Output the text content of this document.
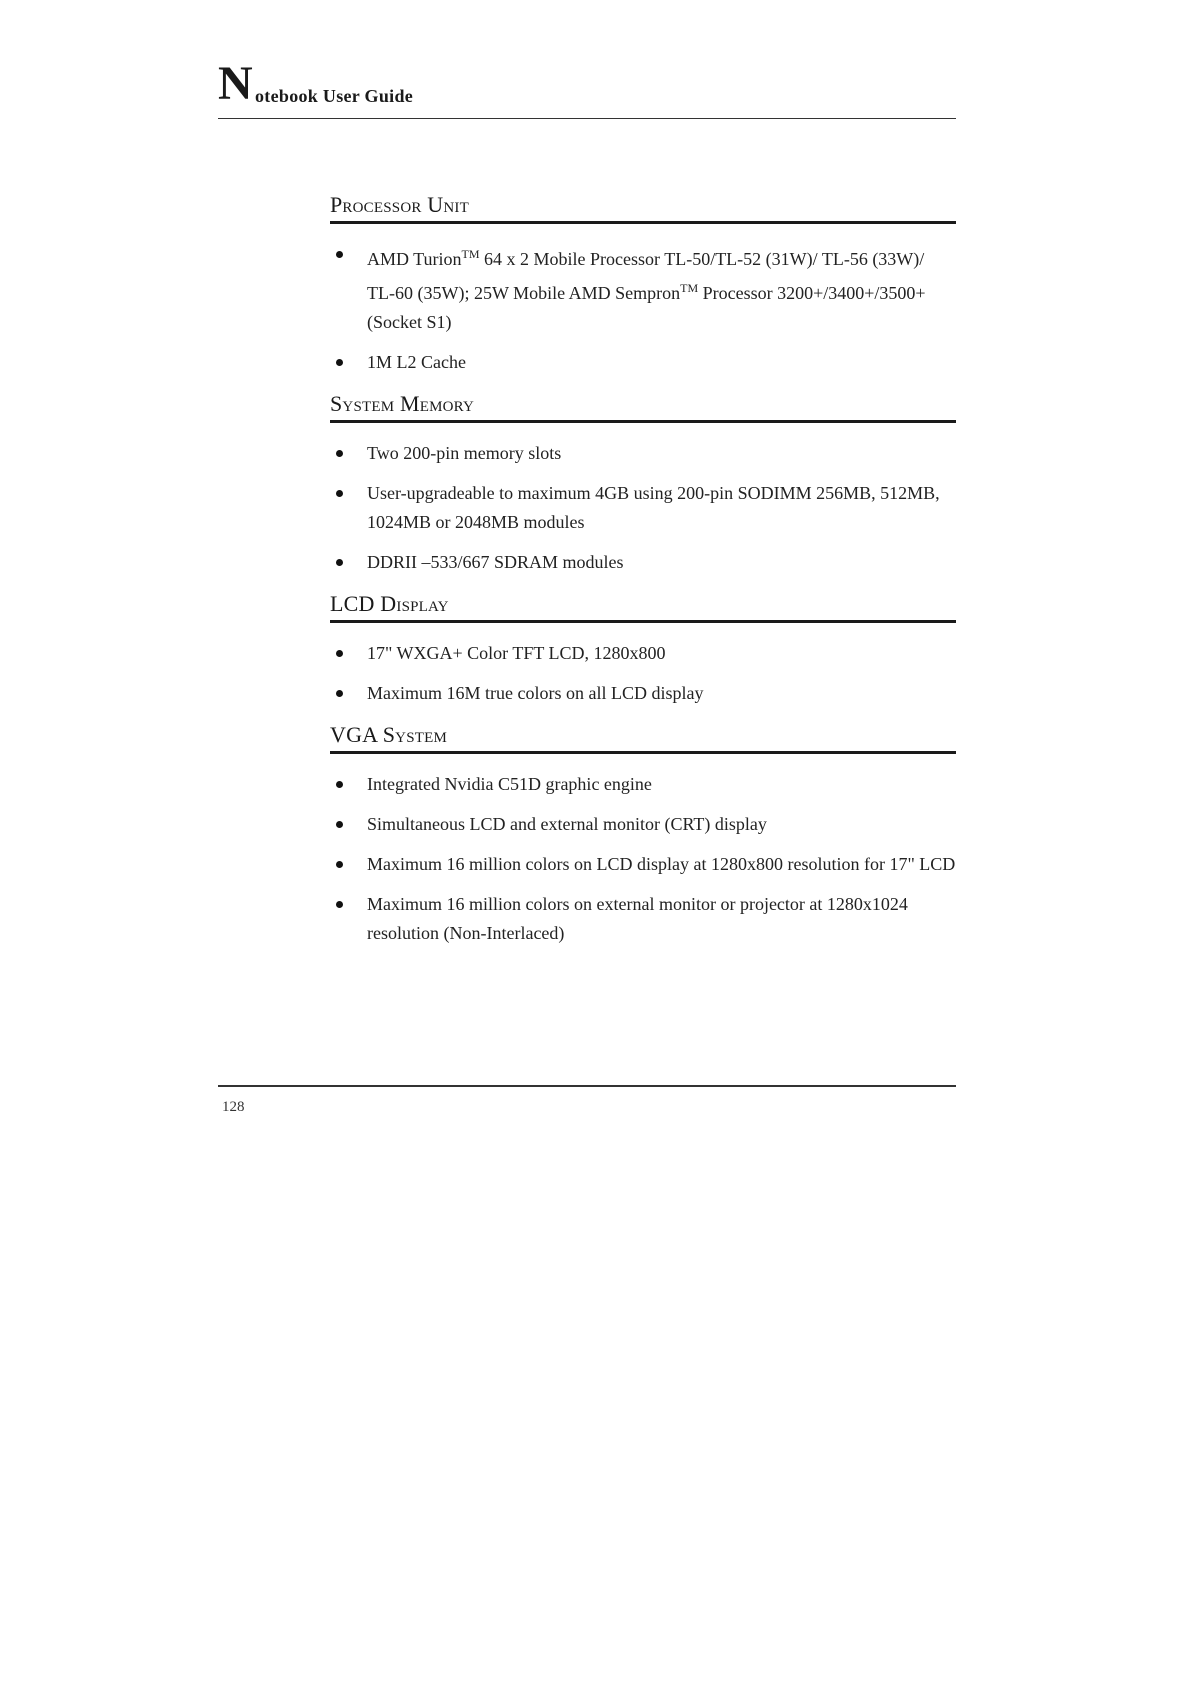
N otebook User Guide
Processor Unit
AMD Turion™ 64 x 2 Mobile Processor TL-50/TL-52 (31W)/ TL-56 (33W)/ TL-60 (35W); 25W Mobile AMD Sempron™ Processor 3200+/3400+/3500+ (Socket S1)
1M L2 Cache
System Memory
Two 200-pin memory slots
User-upgradeable to maximum 4GB using 200-pin SODIMM 256MB, 512MB, 1024MB or 2048MB modules
DDRII –533/667 SDRAM modules
LCD Display
17" WXGA+ Color TFT LCD, 1280x800
Maximum 16M true colors on all LCD display
VGA System
Integrated Nvidia C51D graphic engine
Simultaneous LCD and external monitor (CRT) display
Maximum 16 million colors on LCD display at 1280x800 resolution for 17" LCD
Maximum 16 million colors on external monitor or projector at 1280x1024 resolution (Non-Interlaced)
128
